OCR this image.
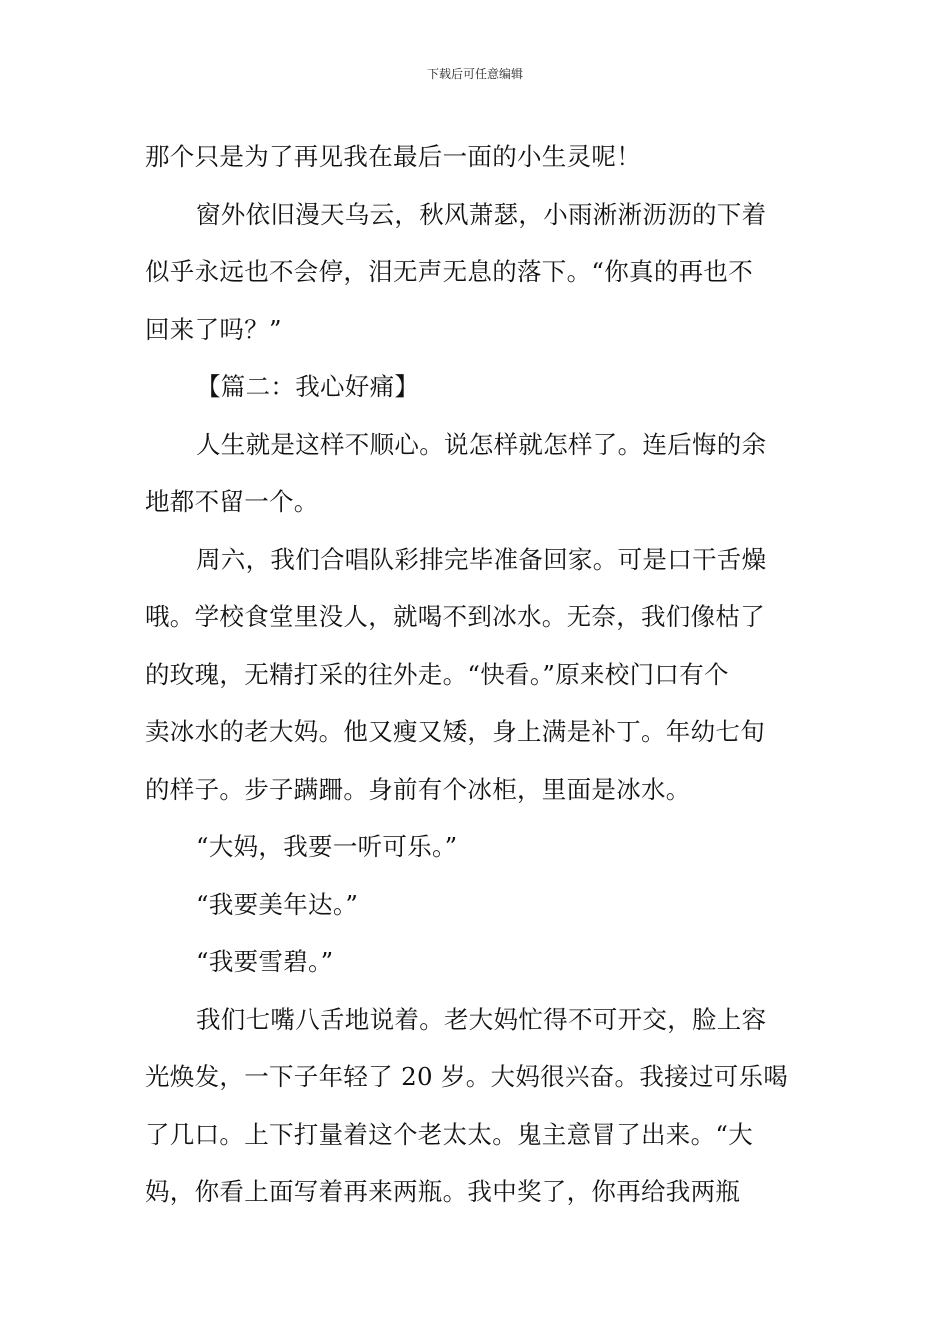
下载后可任意编辑
那个只是为了再见我在最后一面的小生灵呢！
窗外依旧漫天乌云，秋风萧瑟，小雨淅淅沥沥的下着
似乎永远也不会停，泪无声无息的落下。“你真的再也不
回来了吗？”
【篇二：我心好痛】
人生就是这样不顺心。说怎样就怎样了。连后悔的余
地都不留一个。
周六，我们合唱队彩排完毕准备回家。可是口干舌燥
哦。学校食堂里没人，就喝不到冰水。无奈，我们像枯了
的玫瑰，无精打采的往外走。“快看。”原来校门口有个
卖冰水的老大妈。他又瘦又矮，身上满是补丁。年幼七旬
的样子。步子蹒跚。身前有个冰柜，里面是冰水。
“大妈，我要一听可乐。”
“我要美年达。”
“我要雪碧。”
我们七嘴八舌地说着。老大妈忙得不可开交，脸上容
光焕发，一下子年轻了 20 岁。大妈很兴奋。我接过可乐喝
了几口。上下打量着这个老太太。鬼主意冒了出来。“大
妈，你看上面写着再来两瓶。我中奖了，你再给我两瓶
